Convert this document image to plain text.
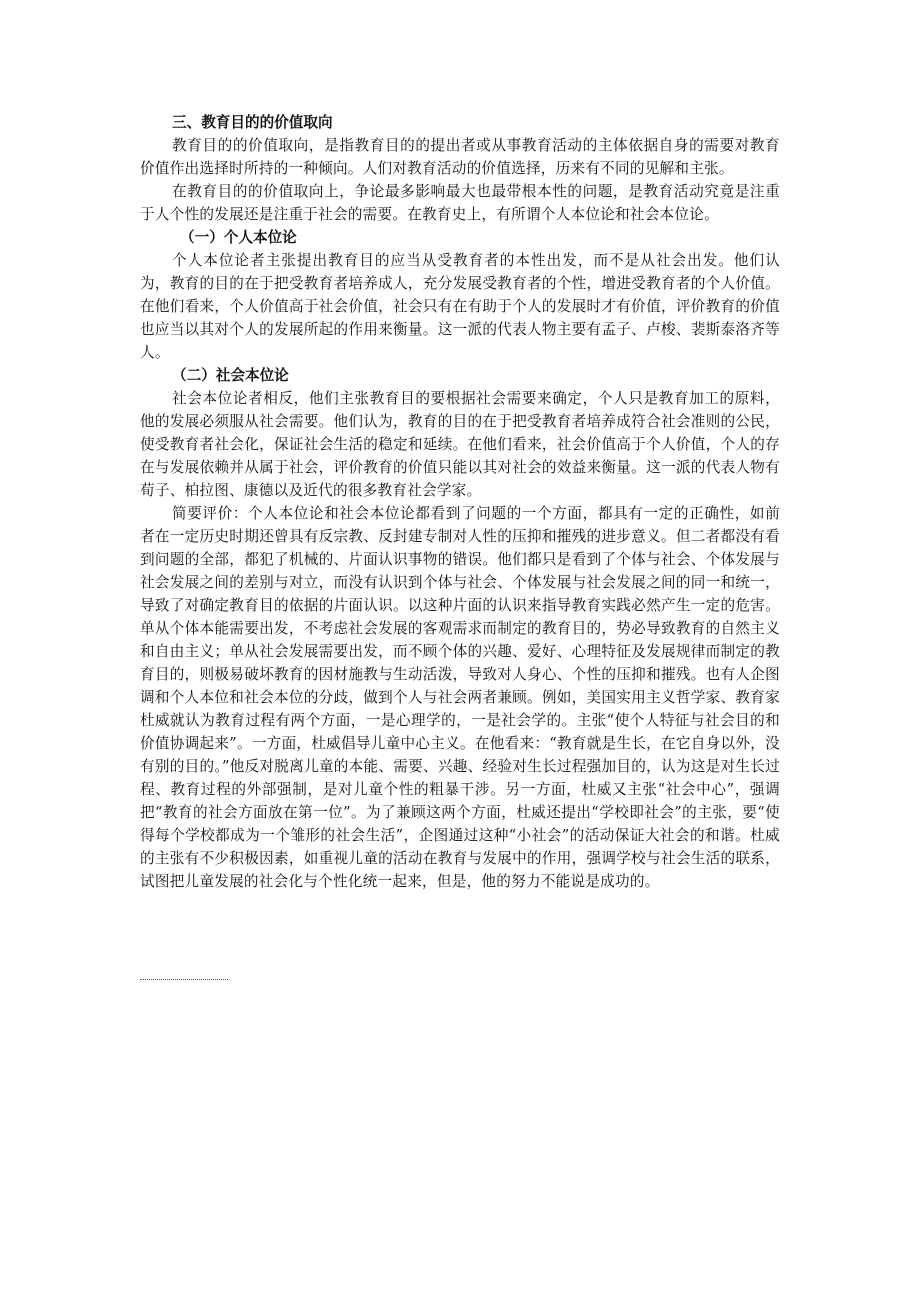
三、教育目的的价值取向

教育目的的价值取向，是指教育目的的提出者或从事教育活动的主体依据自身的需要对教育价值作出选择时所持的一种倾向。人们对教育活动的价值选择，历来有不同的见解和主张。

在教育目的的价值取向上，争论最多影响最大也最带根本性的问题，是教育活动究竟是注重于人个性的发展还是注重于社会的需要。在教育史上，有所谓个人本位论和社会本位论。

（一）个人本位论

个人本位论者主张提出教育目的应当从受教育者的本性出发，而不是从社会出发。他们认为，教育的目的在于把受教育者培养成人，充分发展受教育者的个性，增进受教育者的个人价值。在他们看来，个人价值高于社会价值，社会只有在有助于个人的发展时才有价值，评价教育的价值也应当以其对个人的发展所起的作用来衡量。这一派的代表人物主要有孟子、卢梭、裴斯泰洛齐等人。

（二）社会本位论

社会本位论者相反，他们主张教育目的要根据社会需要来确定，个人只是教育加工的原料，他的发展必须服从社会需要。他们认为，教育的目的在于把受教育者培养成符合社会准则的公民，使受教育者社会化，保证社会生活的稳定和延续。在他们看来，社会价值高于个人价值，个人的存在与发展依赖并从属于社会，评价教育的价值只能以其对社会的效益来衡量。这一派的代表人物有荀子、柏拉图、康德以及近代的很多教育社会学家。

简要评价：个人本位论和社会本位论都看到了问题的一个方面，都具有一定的正确性，如前者在一定历史时期还曾具有反宗教、反封建专制对人性的压抑和摧残的进步意义。但二者都没有看到问题的全部，都犯了机械的、片面认识事物的错误。他们都只是看到了个体与社会、个体发展与社会发展之间的差别与对立，而没有认识到个体与社会、个体发展与社会发展之间的同一和统一，导致了对确定教育目的依据的片面认识。以这种片面的认识来指导教育实践必然产生一定的危害。单从个体本能需要出发，不考虑社会发展的客观需求而制定的教育目的，势必导致教育的自然主义和自由主义；单从社会发展需要出发，而不顾个体的兴趣、爱好、心理特征及发展规律而制定的教育目的，则极易破坏教育的因材施教与生动活泼，导致对人身心、个性的压抑和摧残。也有人企图调和个人本位和社会本位的分歧，做到个人与社会两者兼顾。例如，美国实用主义哲学家、教育家杜威就认为教育过程有两个方面，一是心理学的，一是社会学的。主张“使个人特征与社会目的和价值协调起来”。一方面，杜威倡导儿童中心主义。在他看来：“教育就是生长，在它自身以外，没有别的目的。”他反对脱离儿童的本能、需要、兴趣、经验对生长过程强加目的，认为这是对生长过程、教育过程的外部强制，是对儿童个性的粗暴干涉。另一方面，杜威又主张“社会中心”，强调把“教育的社会方面放在第一位”。为了兼顾这两个方面，杜威还提出“学校即社会”的主张，要“使得每个学校都成为一个雏形的社会生活”，企图通过这种“小社会”的活动保证大社会的和谐。杜威的主张有不少积极因素，如重视儿童的活动在教育与发展中的作用，强调学校与社会生活的联系，试图把儿童发展的社会化与个性化统一起来，但是，他的努力不能说是成功的。
